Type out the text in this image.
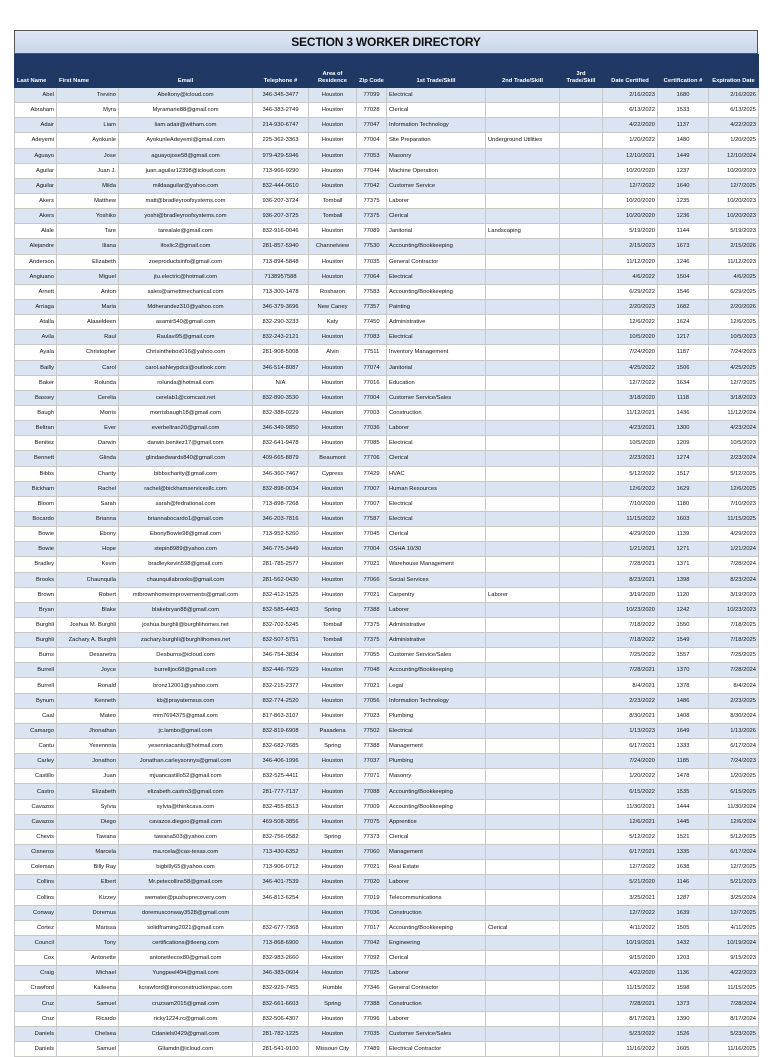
SECTION 3 WORKER DIRECTORY
Last Name	First Name	Email	Telephone #	Area of Residence	Zip Code	1st Trade/Skill	2nd Trade/Skill	3rd Trade/Skill	Date Certified	Certification #	Expiration Date
Abel	Trevino	Abeltony@icloud.com	346-345-3477	Houston	77099	Electrical			2/16/2023	1680	2/16/2026
Abraham	Myra	Myramarie88@gmail.com	346-383-2749	Houston	77028	Clerical			6/13/2022	1533	6/13/2025
Adair	Liam	liam.adair@witham.com	214-930-6747	Houston	77047	Information Technology			4/22/2020	1137	4/22/2023
Adeyemi	Ayokunle	AyokunleAdeyemi@gmail.com	225-362-3363	Houston	77004	Site Preparation	Underground Utilities		1/20/2022	1480	1/20/2025
Aguayo	Jose	aguayojose58@gmail.com	979-429-5946	Houston	77053	Masonry			12/10/2021	1449	12/10/2024
Aguilar	Juan J.	juan.aguilar12398@icloud.com	713-966-9290	Houston	77044	Machine Operation			10/20/2020	1237	10/20/2023
Aguilar	Milda	mildaaguilar@yahoo.com	832-444-0610	Houston	77042	Customer Service			12/7/2022	1640	12/7/2025
Akers	Matthew	matt@bradleyroofsystems.com	936-207-3724	Tomball	77375	Laborer			10/20/2020	1235	10/20/2023
Akers	Yoshiko	yoshi@bradleyroofsystems.com	936-207-3725	Tomball	77375	Clerical			10/20/2020	1236	10/20/2023
Alale	Tare	tarealale@gmail.com	832-916-0046	Houston	77089	Janitorial	Landscaping		5/19/2020	1144	5/19/2023
Alejandre	Iliana	ifoxlic2@gmail.com	281-857-5940	Channelview	77530	Accounting/Bookkeeping			2/15/2023	1673	2/15/2026
Anderson	Elizabeth	zoeproductsinfo@gmail.com	713-894-5848	Houston	77035	General Contractor			11/12/2020	1246	11/12/2023
Angiuano	Miguel	jtu.electric@hotmail.com	7138957588	Houston	77064	Electrical			4/6/2022	1504	4/6/2025
Arnett	Anton	sales@arnettmechanical.com	713-300-1478	Rosharon	77583	Accounting/Bookkeeping			6/29/2022	1546	6/29/2025
Arriaga	Maria	Mdherandez310@yahoo.com	346-379-3696	New Caney	77357	Painting			2/20/2023	1682	2/20/2026
Atalla	Alaaeldeen	asamir540@gmail.com	832-290-3233	Katy	77450	Administrative			12/6/2022	1624	12/6/2025
Avila	Raul	Raulavi95@gmail.com	832-243-2121	Houston	77083	Electrical			10/5/2020	1217	10/5/2023
Ayala	Christopher	Chrisinthebox016@yahoo.com	281-908-5008	Alvin	77511	Inventory Management			7/24/2020	1187	7/24/2023
Bailly	Carol	carol.ashleypdcs@outlook.com	346-514-8087	Houston	77074	Janitorial			4/25/2022	1506	4/25/2025
Baker	Rolunda	rolunda@hotmail.com	N/A	Houston	77016	Education			12/7/2022	1634	12/7/2025
Bassey	Cerelia	cerelab1@comcast.net	832-890-3530	Houston	77004	Customer Service/Sales			3/18/2020	1118	3/18/2023
Baugh	Morris	morrisbaugh18@gmail.com	832-388-0229	Houston	77003	Construction			11/12/2021	1436	11/12/2024
Beltran	Ever	everbeltran20@gmail.com	346-349-9850	Houston	77036	Laborer			4/23/2021	1300	4/23/2024
Benitez	Darwin	darwin.benitez17@gmail.com	832-641-9478	Houston	77085	Electrical			10/5/2020	1209	10/5/2023
Bennett	Glinda	glindaedwards840@gmail.com	409-665-8879	Beaumont	77706	Clerical			2/23/2021	1274	2/23/2024
Bibbs	Charity	bibbscharity@gmail.com	346-360-7467	Cypress	77429	HVAC			5/12/2022	1517	5/12/2025
Bickham	Rachel	rachel@bickhamservicesllc.com	832-898-0034	Houston	77007	Human Resources			12/6/2022	1629	12/6/2025
Bloom	Sarah	sarah@fedrational.com	713-898-7268	Houston	77007	Electrical			7/10/2020	1180	7/10/2023
Bocardo	Brianna	briannabocardo1@gmail.com	346-203-7816	Houston	77587	Electrical			11/15/2022	1603	11/15/2025
Bowie	Ebony	EbonyBowie98@gmail.com	713-952-5260	Houston	77045	Clerical			4/29/2020	1139	4/29/2023
Bowie	Hope	stepin8989@yahoo.com	346-775-3449	Houston	77004	OSHA 10/30			1/21/2021	1271	1/21/2024
Bradley	Kevin	bradleykevin598@gmail.com	281-785-2577	Houston	77021	Warehouse Management			7/28/2021	1371	7/28/2024
Brooks	Chaunquila	chaunquilabrooks@gmail.com	281-562-0430	Houston	77066	Social Services			8/23/2021	1398	8/23/2024
Brown	Robert	mtbrownhomeimprovements@gmail.com	832-412-1525	Houston	77021	Carpentry	Laborer		3/19/2020	1120	3/19/2023
Bryan	Blake	blakebryan88@gmail.com	832-585-4403	Spring	77388	Laborer			10/23/2020	1242	10/23/2023
Burghli	Joshua M. Burghli	joshua.burghli@burghlihomes.net	832-702-5245	Tomball	77375	Administrative			7/18/2022	1550	7/18/2025
Burghli	Zachary A. Burghli	zachary.burghli@burghlihomes.net	832-507-5751	Tomball	77375	Administrative			7/18/2022	1549	7/18/2025
Burns	Desanetra	Desburns@icloud.com	346-754-3834	Houston	77055	Customer Service/Sales			7/25/2022	1557	7/25/2025
Burrell	Joyce	burrelljoc68@gmail.com	832-446-7929	Houston	77048	Accounting/Bookkeeping			7/28/2021	1370	7/28/2024
Burrell	Ronald	bronz12001@yahoo.com	832-215-2377	Houston	77021	Legal			8/4/2021	1378	8/4/2024
Bynum	Kenneth	kb@prayatemsus.com	832-774-2520	Houston	77056	Information Technology			2/23/2022	1486	2/23/2025
Caal	Mateo	mm7694375@gmail.com	817-863-3107	Houston	77023	Plumbing			8/30/2021	1408	8/30/2024
Camargo	Jhonathan	jc.lambo@gmail.com	832-819-6908	Pasadena	77502	Electrical			1/13/2023	1649	1/13/2026
Cantu	Yesennnia	yesenniacantu@hotmail.com	832-682-7685	Spring	77388	Management			6/17/2021	1333	6/17/2024
Carley	Jonathon	Jonathan.carleysonnys@gmail.com	346-406-1996	Houston	77037	Plumbing			7/24/2020	1185	7/24/2023
Castillo	Juan	mjuancastillo52@gmail.com	832-525-4411	Houston	77071	Masonry			1/20/2022	1478	1/20/2025
Castro	Elizabeth	elizabeth.castro3@gmail.com	281-777-7137	Houston	77088	Accounting/Bookkeeping			6/15/2022	1535	6/15/2025
Cavazos	Sylvia	sylvia@thinkcava.com	832-455-8513	Houston	77009	Accounting/Bookkeeping			11/30/2021	1444	11/30/2024
Cavazos	Diego	cavazos.diegoo@gmail.com	469-508-3856	Houston	77075	Apprentice			12/6/2021	1445	12/6/2024
Chevis	Tawana	tawana503@yahoo.com	832-756-0582	Spring	77373	Clerical			5/12/2022	1521	5/12/2025
Cisneros	Marcela	ma.rcela@cas-texas.com	713-430-6352	Houston	77060	Management			6/17/2021	1335	6/17/2024
Coleman	Billy Ray	bigbilly65@yahoo.com	713-906-0712	Houston	77021	Real Estate			12/7/2022	1638	12/7/2025
Collins	Elbert	Mr.petecollins58@gmail.com	346-401-7539	Houston	77020	Laborer			5/21/2020	1146	5/21/2023
Collins	Kizzey	wemater@pushuprecovery.com	346-813-6254	Houston	77019	Telecommunications			3/25/2021	1287	3/25/2024
Conway	Doremus	doremusconway3528@gmail.com		Houston	77036	Construction			12/7/2022	1639	12/7/2025
Cortez	Marissa	solidframing2021@gmail.com	832-677-7368	Houston	77017	Accounting/Bookkeeping	Clerical		4/11/2022	1505	4/11/2025
Council	Tony	certifications@tleeng.com	713-868-6900	Houston	77042	Engineering			10/19/2021	1432	10/19/2024
Cox	Antonette	antonettecox80@gmail.com	832-983-2660	Houston	77092	Clerical			9/15/2020	1203	9/15/2023
Craig	Michael	Yungpeel494@gmail.com	346-383-0604	Houston	77025	Laborer			4/22/2020	1136	4/22/2023
Crawford	Kaileena	kcrawford@ironconstructionpac.com	832-929-7455	Humble	77346	General Contractor			11/15/2022	1598	11/15/2025
Cruz	Samuel	cruzsam2015@gmail.com	832-661-6603	Spring	77388	Construction			7/28/2021	1373	7/28/2024
Cruz	Ricardo	ricky1224.rc@gmail.com	832-506-4307	Houston	77096	Laborer			8/17/2021	1390	8/17/2024
Daniels	Chelsea	Cdaniels0429@gmail.com	281-782-1225	Houston	77035	Customer Service/Sales			5/23/2022	1526	5/23/2025
Daniels	Samuel	Gllamdn@icloud.com	281-541-9100	Missouri City	77489	Electrical Contractor			11/16/2022	1605	11/16/2025
